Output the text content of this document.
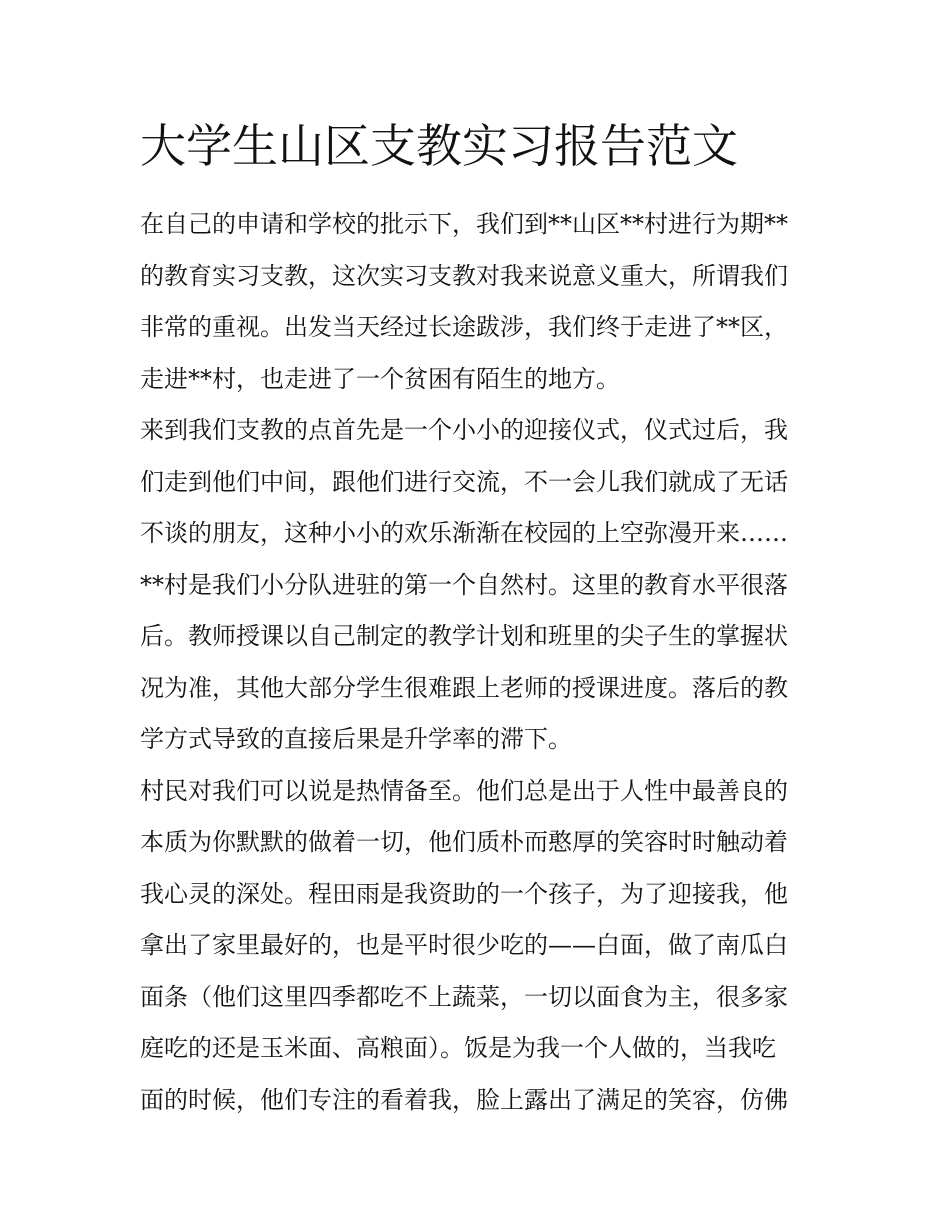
大学生山区支教实习报告范文
在自己的申请和学校的批示下，我们到**山区**村进行为期**
的教育实习支教，这次实习支教对我来说意义重大，所谓我们
非常的重视。出发当天经过长途跋涉，我们终于走进了**区，
走进**村，也走进了一个贫困有陌生的地方。
来到我们支教的点首先是一个小小的迎接仪式，仪式过后，我
们走到他们中间，跟他们进行交流，不一会儿我们就成了无话
不谈的朋友，这种小小的欢乐渐渐在校园的上空弥漫开来……
**村是我们小分队进驻的第一个自然村。这里的教育水平很落
后。教师授课以自己制定的教学计划和班里的尖子生的掌握状
况为准，其他大部分学生很难跟上老师的授课进度。落后的教
学方式导致的直接后果是升学率的滞下。
村民对我们可以说是热情备至。他们总是出于人性中最善良的
本质为你默默的做着一切，他们质朴而憨厚的笑容时时触动着
我心灵的深处。程田雨是我资助的一个孩子，为了迎接我，他
拿出了家里最好的，也是平时很少吃的——白面，做了南瓜白
面条（他们这里四季都吃不上蔬菜，一切以面食为主，很多家
庭吃的还是玉米面、高粮面）。饭是为我一个人做的，当我吃
面的时候，他们专注的看着我，脸上露出了满足的笑容，仿佛
